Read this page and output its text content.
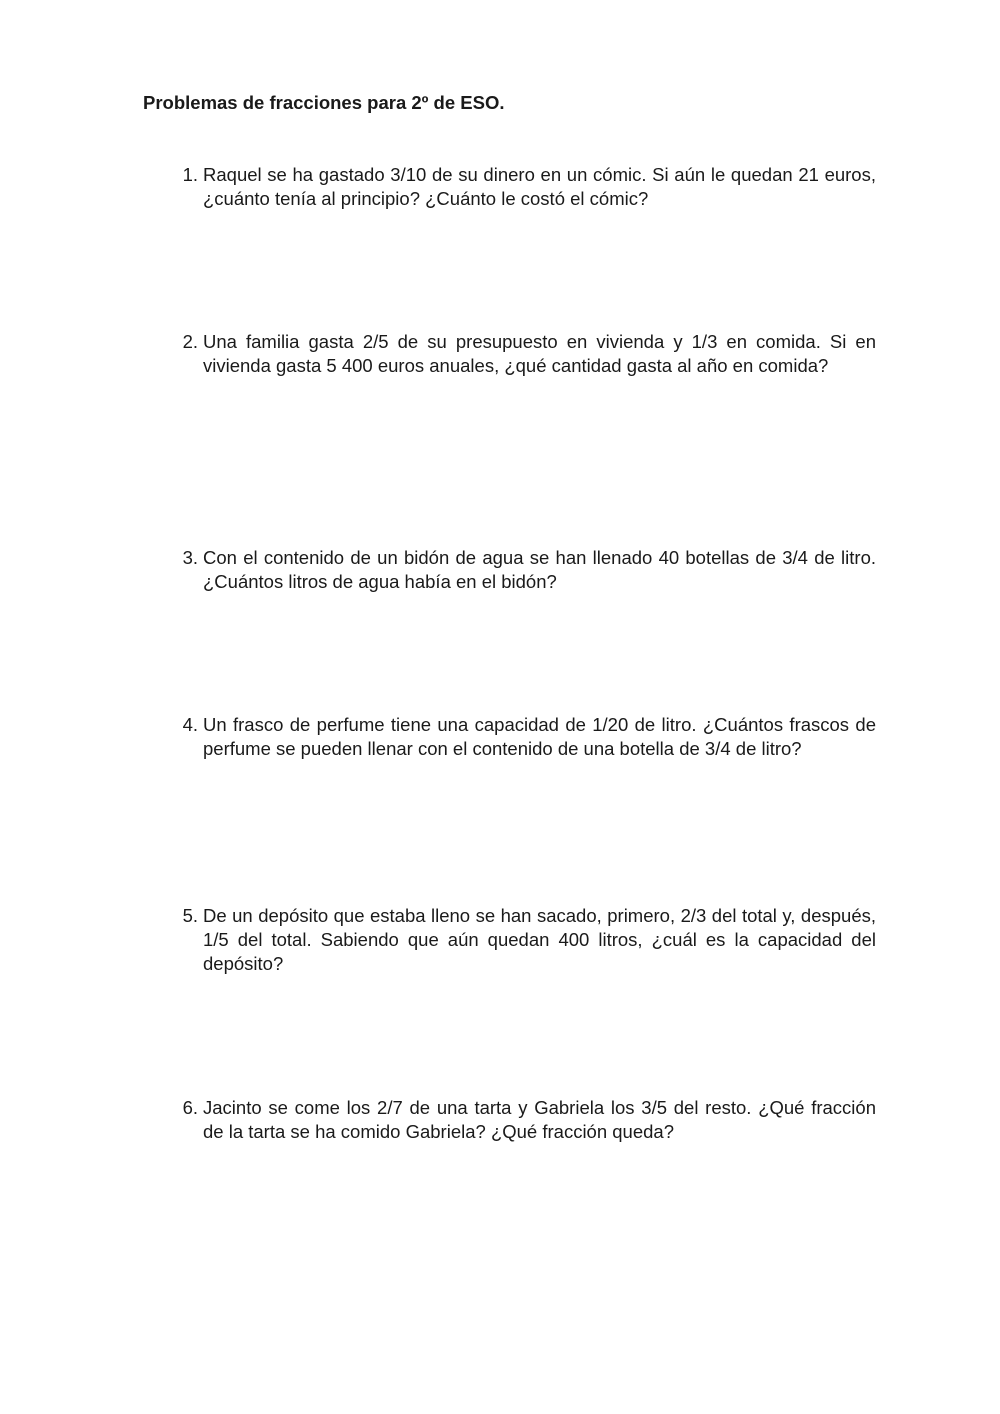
Problemas de fracciones para 2º de ESO.
1. Raquel se ha gastado 3/10 de su dinero en un cómic. Si aún le quedan 21 euros, ¿cuánto tenía al principio? ¿Cuánto le costó el cómic?
2. Una familia gasta 2/5 de su presupuesto en vivienda y 1/3 en comida. Si en vivienda gasta 5 400 euros anuales, ¿qué cantidad gasta al año en comida?
3. Con el contenido de un bidón de agua se han llenado 40 botellas de 3/4 de litro. ¿Cuántos litros de agua había en el bidón?
4. Un frasco de perfume tiene una capacidad de 1/20 de litro. ¿Cuántos frascos de perfume se pueden llenar con el contenido de una botella de 3/4 de litro?
5. De un depósito que estaba lleno se han sacado, primero, 2/3 del total y, después, 1/5 del total. Sabiendo que aún quedan 400 litros, ¿cuál es la capacidad del depósito?
6. Jacinto se come los 2/7 de una tarta y Gabriela los 3/5 del resto. ¿Qué fracción de la tarta se ha comido Gabriela? ¿Qué fracción queda?
